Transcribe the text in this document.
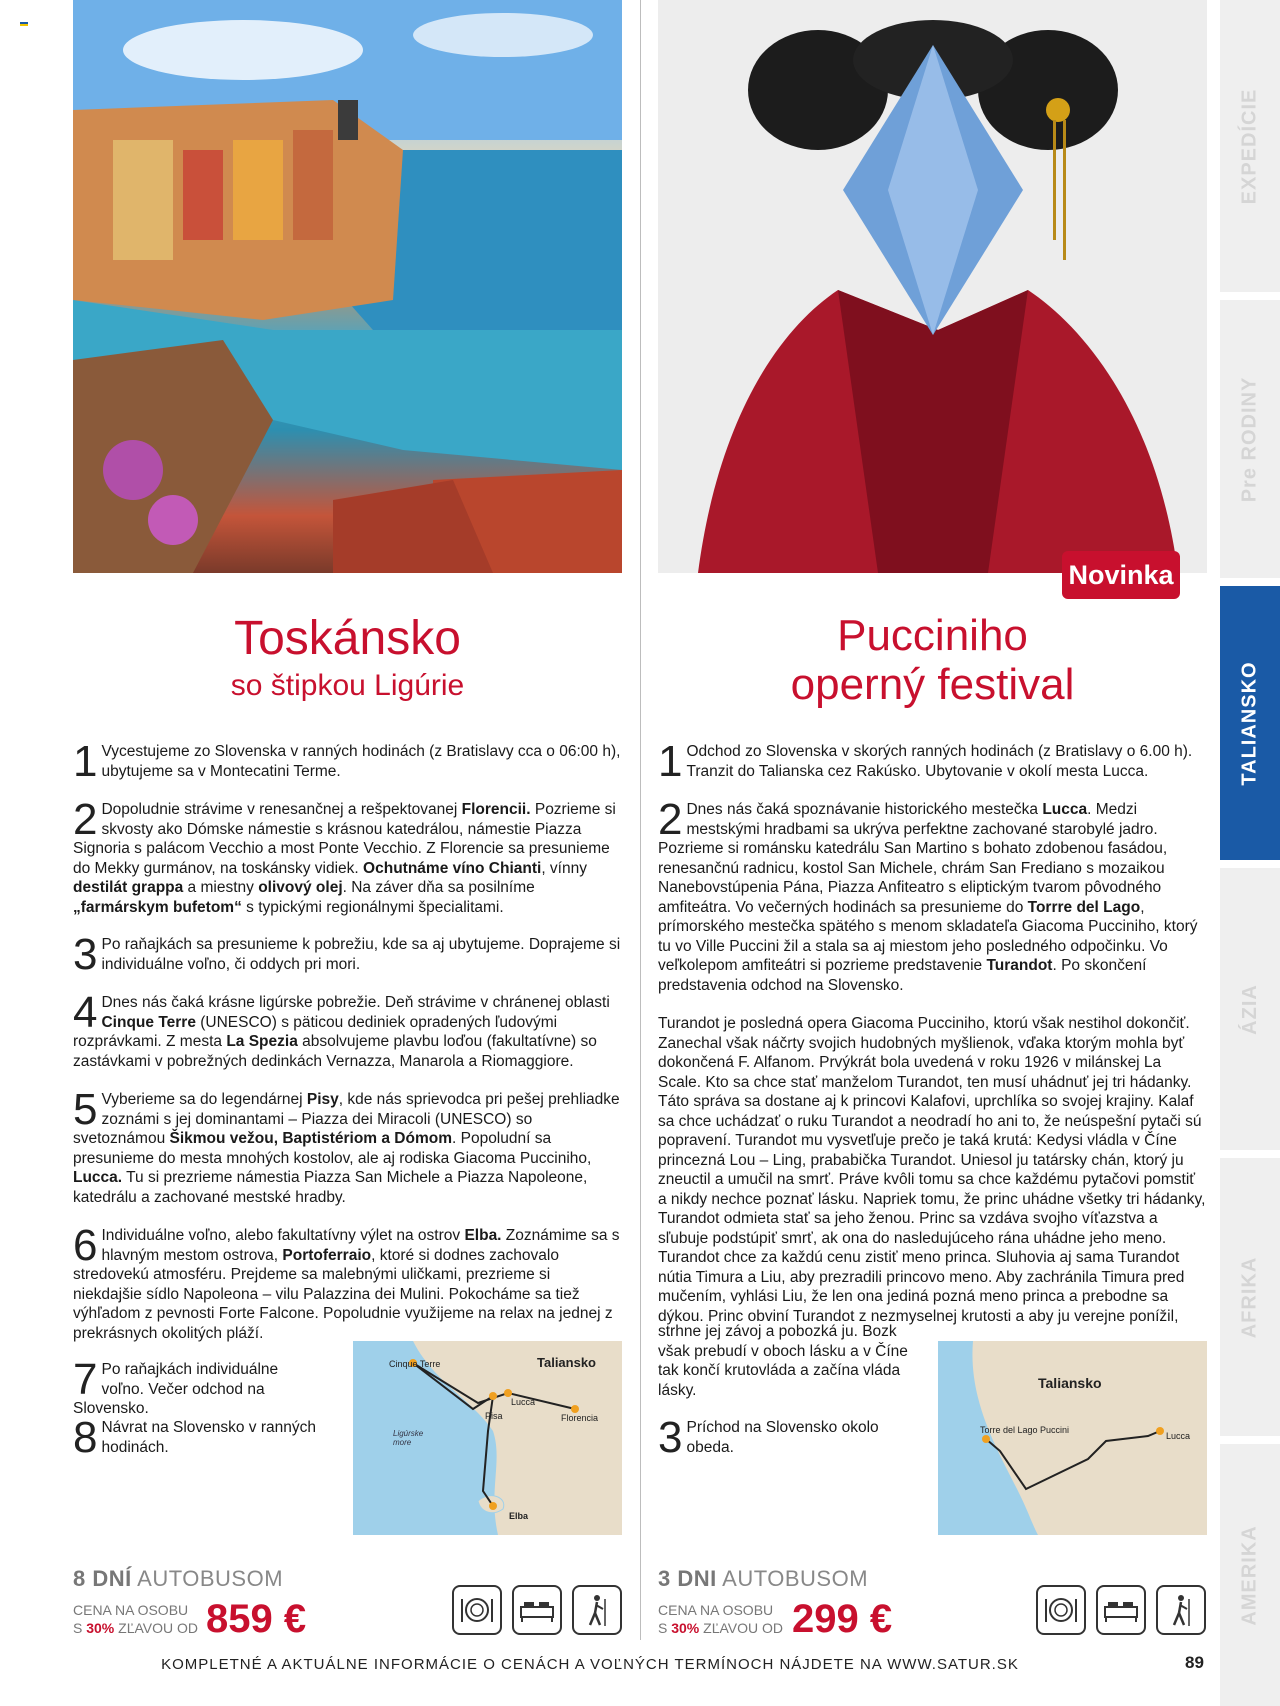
Novinka
Toskánsko
so štipkou Ligúrie
Pucciniho
operný festival
1 Vycestujeme zo Slovenska v ranných hodinách (z Bratislavy cca o 06:00 h), ubytujeme sa v Montecatini Terme.
2 Dopoludnie strávime v renesančnej a rešpektovanej Florencii. Pozrieme si skvosty ako Dómske námestie s krásnou katedrálou, námestie Piazza Signoria s palácom Vecchio a most Ponte Vecchio. Z Florencie sa presunieme do Mekky gurmánov, na toskánsky vidiek. Ochutnáme víno Chianti, vínny destilát grappa a miestny olivový olej. Na záver dňa sa posilníme „farmárskym bufetom“ s typickými regionálnymi špecialitami.
3 Po raňajkách sa presunieme k pobrežiu, kde sa aj ubytujeme. Doprajeme si individuálne voľno, či oddych pri mori.
4 Dnes nás čaká krásne ligúrske pobrežie. Deň strávime v chránenej oblasti Cinque Terre (UNESCO) s päticou dediniek opradených ľudovými rozprávkami. Z mesta La Spezia absolvujeme plavbu loďou (fakultatívne) so zastávkami v pobrežných dedinkách Vernazza, Manarola a Riomaggiore.
5 Vyberieme sa do legendárnej Pisy, kde nás sprievodca pri pešej prehliadke zoznámi s jej dominantami – Piazza dei Miracoli (UNESCO) so svetoznámou Šikmou vežou, Baptistériom a Dómom. Popoludní sa presunieme do mesta mnohých kostolov, ale aj rodiska Giacoma Pucciniho, Lucca. Tu si prezrieme námestia Piazza San Michele a Piazza Napoleone, katedrálu a zachované mestské hradby.
6 Individuálne voľno, alebo fakultatívny výlet na ostrov Elba. Zoznámime sa s hlavným mestom ostrova, Portoferraio, ktoré si dodnes zachovalo stredovekú atmosféru. Prejdeme sa malebnými uličkami, prezrieme si niekdajšie sídlo Napoleona – vilu Palazzina dei Mulini. Pokocháme sa tiež výhľadom z pevnosti Forte Falcone. Popoludnie využijeme na relax na jednej z prekrásnych okolitých pláží.
7 Po raňajkách individuálne voľno. Večer odchod na Slovensko.
8 Návrat na Slovensko v ranných hodinách.
Taliansko
Cinque Terre
Lucca
Pisa	Florencia
Elba
Ligúrske more
1 Odchod zo Slovenska v skorých ranných hodinách (z Bratislavy o 6.00 h). Tranzit do Talianska cez Rakúsko. Ubytovanie v okolí mesta Lucca.
2 Dnes nás čaká spoznávanie historického mestečka Lucca. Medzi mestskými hradbami sa ukrýva perfektne zachované starobylé jadro. Pozrieme si románsku katedrálu San Martino s bohato zdobenou fasádou, renesančnú radnicu, kostol San Michele, chrám San Frediano s mozaikou Nanebovstúpenia Pána, Piazza Anfiteatro s eliptickým tvarom pôvodného amfiteátra. Vo večerných hodinách sa presunieme do Torrre del Lago, prímorského mestečka spätého s menom skladateľa Giacoma Pucciniho, ktorý tu vo Ville Puccini žil a stala sa aj miestom jeho posledného odpočinku. Vo veľkolepom amfiteátri si pozrieme predstavenie Turandot. Po skončení predstavenia odchod na Slovensko.
Turandot je posledná opera Giacoma Pucciniho, ktorú však nestihol dokončiť. Zanechal však náčrty svojich hudobných myšlienok, vďaka ktorým mohla byť dokončená F. Alfanom. Prvýkrát bola uvedená v roku 1926 v milánskej La Scale. Kto sa chce stať manželom Turandot, ten musí uhádnuť jej tri hádanky. Táto správa sa dostane aj k princovi Kalafovi, uprchlíka so svojej krajiny. Kalaf sa chce uchádzať o ruku Turandot a neodradí ho ani to, že neúspešní pytači sú popravení. Turandot mu vysvetľuje prečo je taká krutá: Kedysi vládla v Číne princezná Lou – Ling, prababička Turandot. Uniesol ju tatársky chán, ktorý ju zneuctil a umučil na smrť. Práve kvôli tomu sa chce každému pytačovi pomstiť a nikdy nechce poznať lásku. Napriek tomu, že princ uhádne všetky tri hádanky, Turandot odmieta stať sa jeho ženou. Princ sa vzdáva svojho víťazstva a sľubuje podstúpiť smrť, ak ona do nasledujúceho rána uhádne jeho meno. Turandot chce za každú cenu zistiť meno princa. Sluhovia aj sama Turandot nútia Timura a Liu, aby prezradili princovo meno. Aby zachránila Timura pred mučením, vyhlási Liu, že len ona jediná pozná meno princa a prebodne sa dýkou. Princ obviní Turandot z nezmyselnej krutosti a aby ju verejne ponížil,
strhne jej závoj a pobozká ju. Bozk však prebudí v oboch lásku a v Číne tak končí krutovláda a začína vláda lásky.
3 Príchod na Slovensko okolo obeda.
Taliansko
Torre del Lago Puccini
Lucca
8 DNÍ AUTOBUSOM
CENA NA OSOBU
S 30% ZĽAVOU OD 859 €
3 DNI AUTOBUSOM
CENA NA OSOBU
S 30% ZĽAVOU OD 299 €
KOMPLETNÉ A AKTUÁLNE INFORMÁCIE O CENÁCH A VOĽNÝCH TERMÍNOCH NÁJDETE NA WWW.SATUR.SK	89
EXPEDÍCIE
Pre RODINY
TALIANSKO
ÁZIA
AFRIKA
AMERIKA
